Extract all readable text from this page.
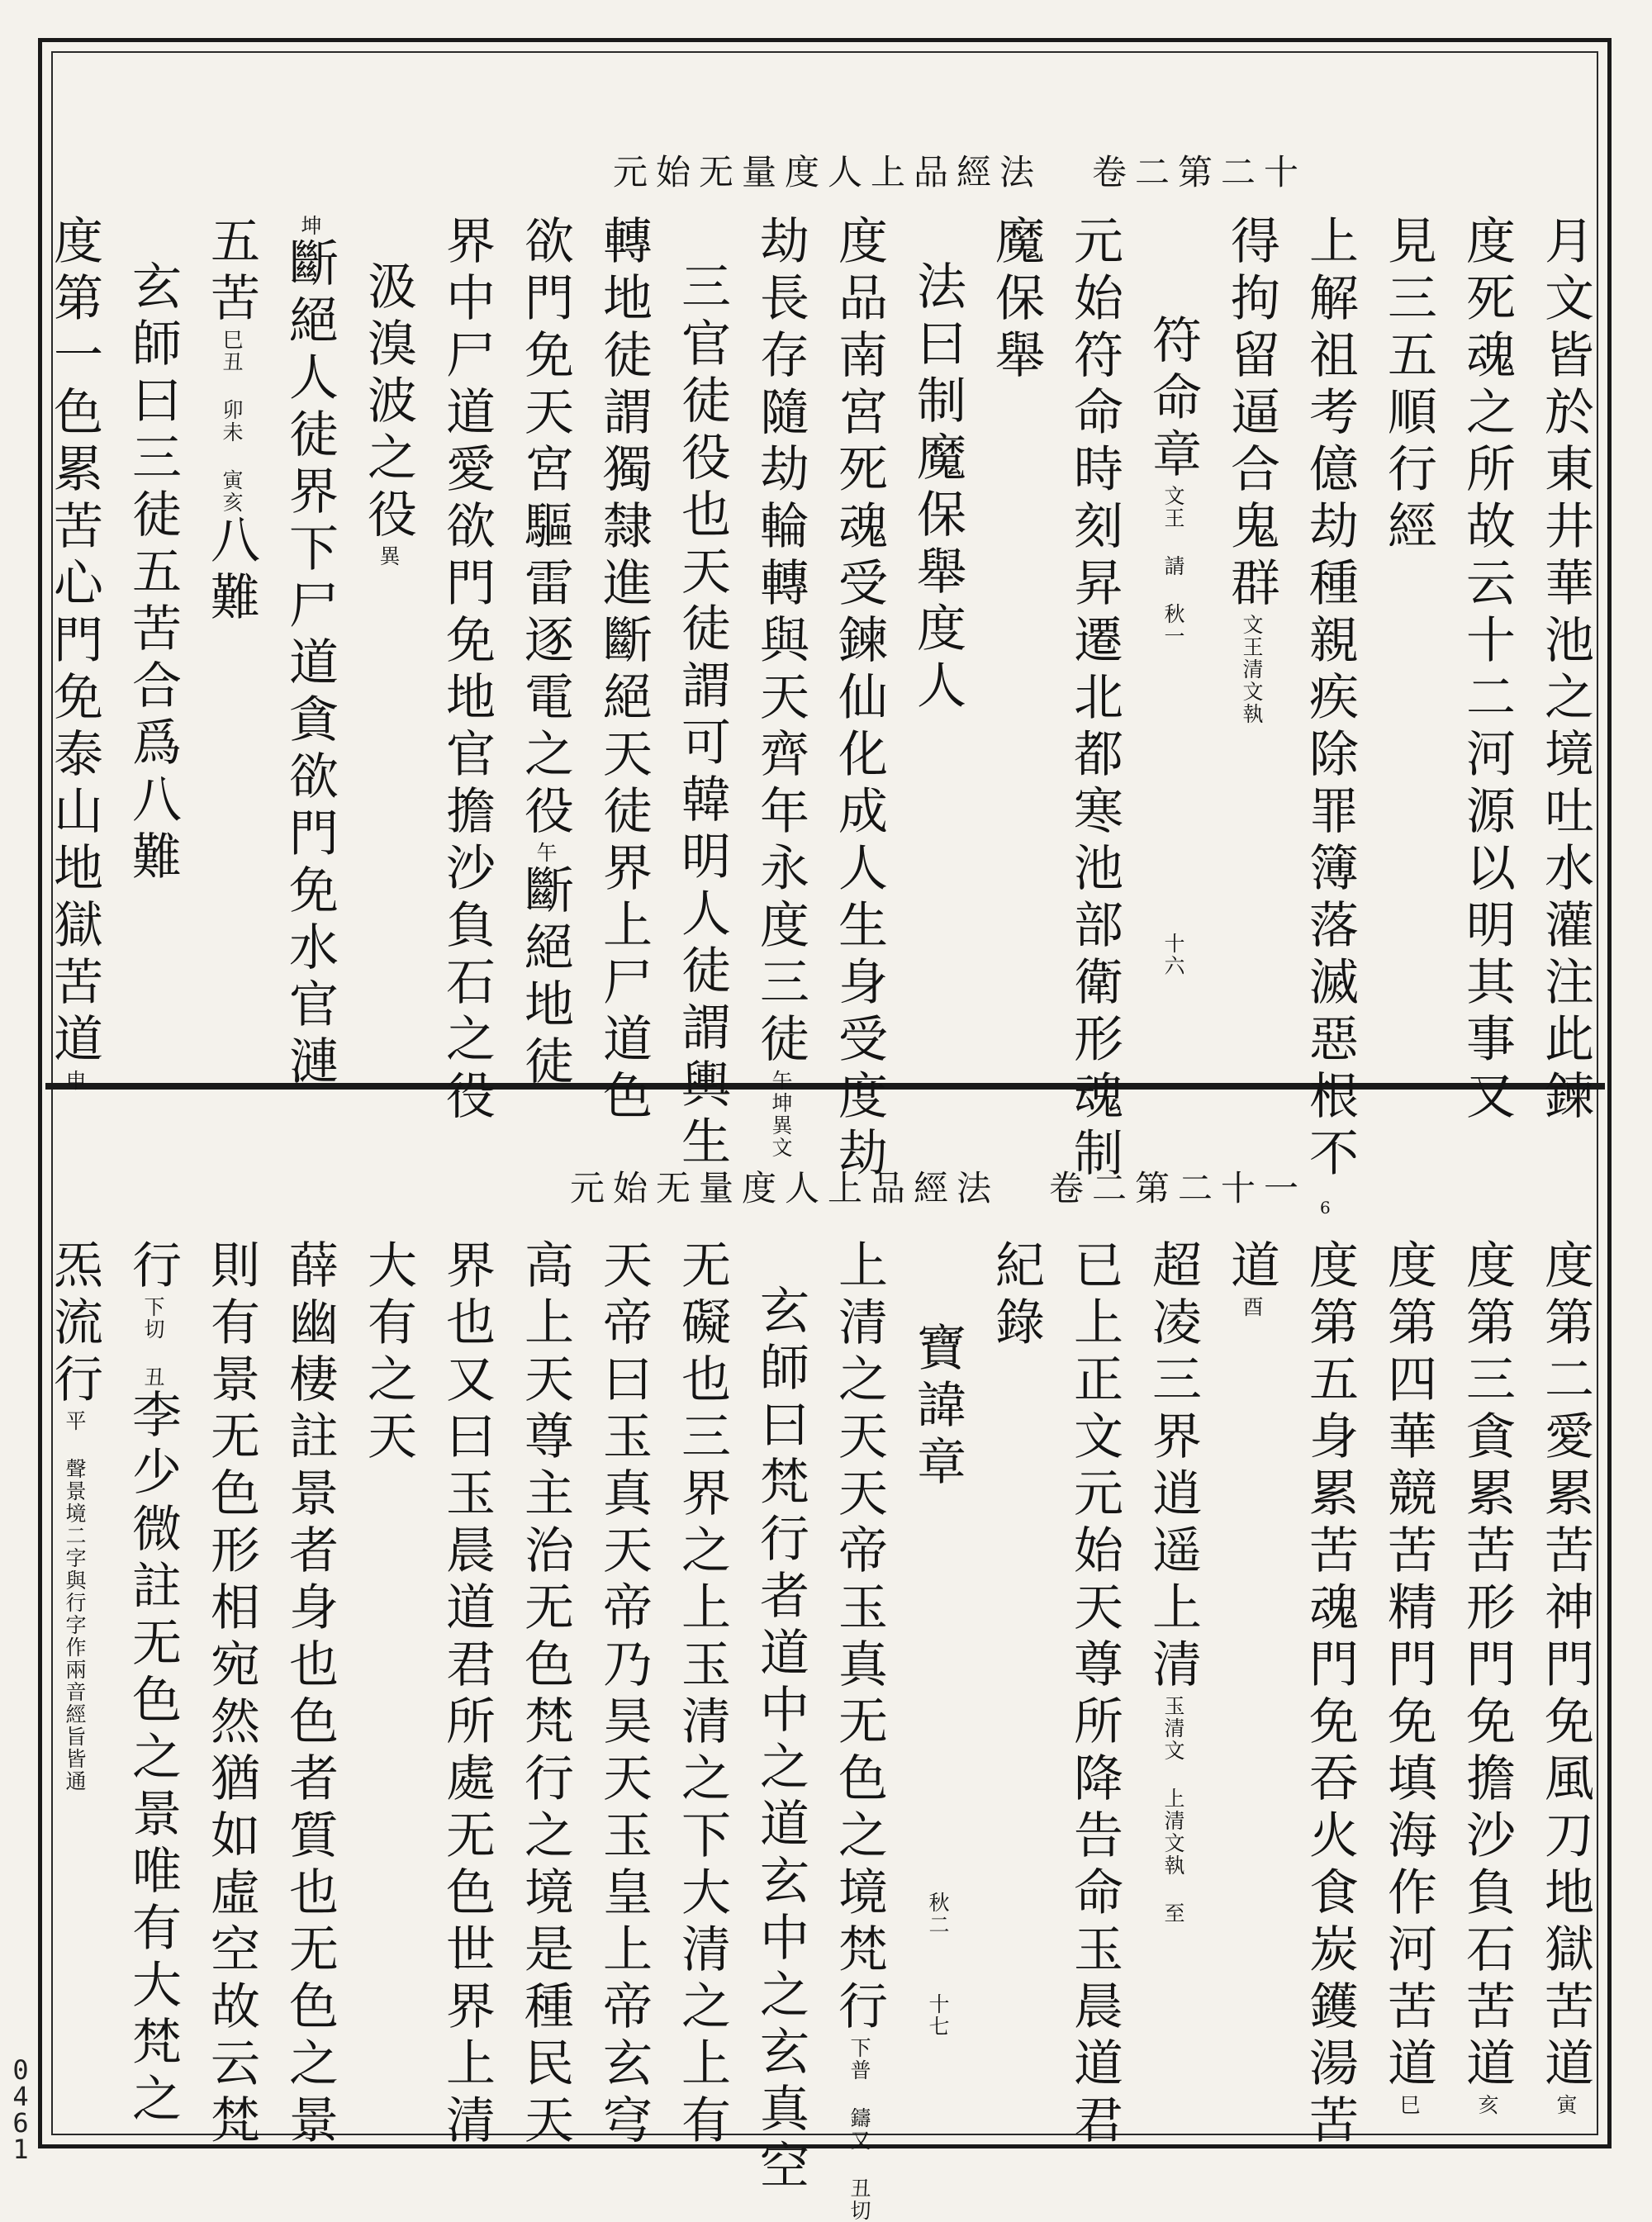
元始无量度人上品經法 卷二第二十
月文皆於東井華池之境吐水灌注此鍊
度死魂之所故云十二河源以明其事又
見三五順行經
上解祖考億劫種親疾除罪簿落滅惡根不
得拘留逼合鬼群文王清文執
符命章文王 請 秋一　　　　　十六
元始符命時刻昇遷北都寒池部衛形魂制
魔保舉
法曰制魔保舉度人
度品南宮死魂受鍊仙化成人生身受度劫
劫長存隨劫輪轉與天齊年永度三徒午坤異文
三官徒役也天徒謂可韓明人徒謂輿生
轉地徒謂獨隸進斷絕天徒界上尸道色
欲門免天宮驅雷逐電之役午斷絕地徒
界中尸道愛欲門免地官擔沙負石之役
汲溴波之役異
坤斷絕人徒界下尸道貪欲門免水官漣
五苦巳丑 卯未 寅亥八難
玄師曰三徒五苦合爲八難
度第一色累苦心門免泰山地獄苦道申
元始无量度人上品經法 卷二第二十一 6
度第二愛累苦神門免風刀地獄苦道寅
度第三貪累苦形門免擔沙負石苦道亥
度第四華競苦精門免填海作河苦道巳
度第五身累苦魂門免吞火食炭鑊湯苦
道酉
超凌三界逍遥上清玉清文 上清文執 至
已上正文元始天尊所降告命玉晨道君
紀錄
寶諱章　　　　　　　秋二　十七
上清之天天帝玉真无色之境梵行下普 鑄又 丑切
玄師曰梵行者道中之道玄中之玄真空
无礙也三界之上玉清之下大清之上有
天帝曰玉真天帝乃昊天玉皇上帝玄穹
高上天尊主治无色梵行之境是種民天
界也又曰玉晨道君所處无色世界上清
大有之天
薛幽棲註景者身也色者質也无色之景
則有景无色形相宛然猶如虛空故云梵
行下切 丑李少微註无色之景唯有大梵之
炁流行平 聲景境二字與行字作兩音經旨皆通
0
4
6
1
